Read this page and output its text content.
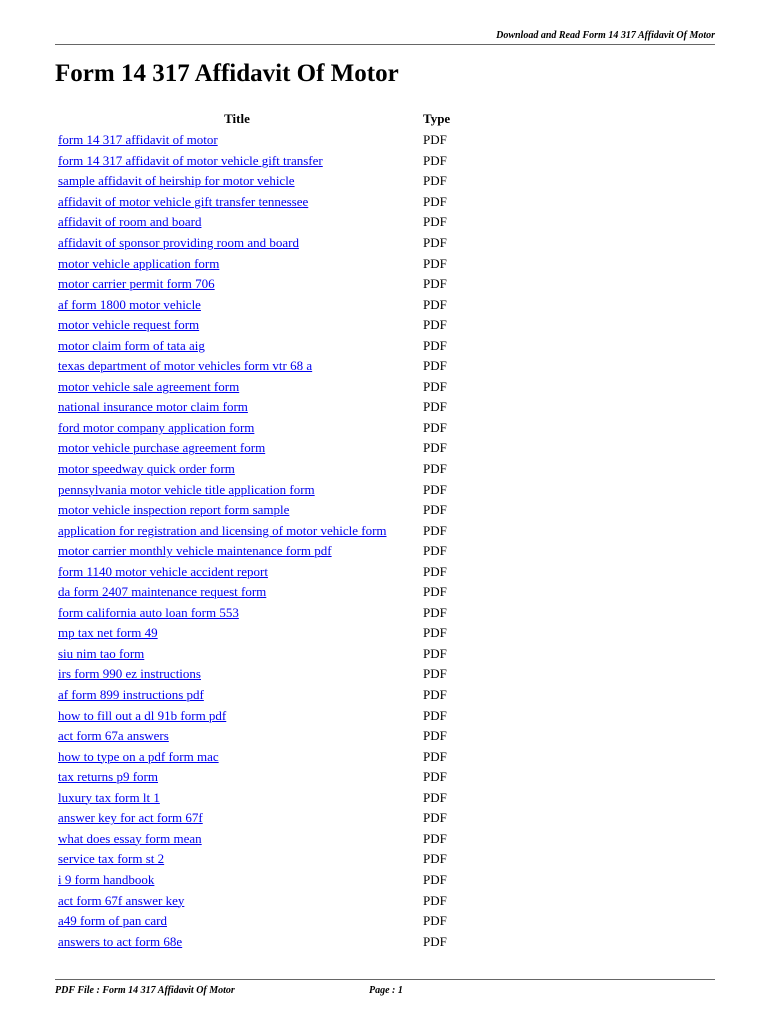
Download and Read Form 14 317 Affidavit Of Motor
Form 14 317 Affidavit Of Motor
Title	Type
form 14 317 affidavit of motor	PDF
form 14 317 affidavit of motor vehicle gift transfer	PDF
sample affidavit of heirship for motor vehicle	PDF
affidavit of motor vehicle gift transfer tennessee	PDF
affidavit of room and board	PDF
affidavit of sponsor providing room and board	PDF
motor vehicle application form	PDF
motor carrier permit form 706	PDF
af form 1800 motor vehicle	PDF
motor vehicle request form	PDF
motor claim form of tata aig	PDF
texas department of motor vehicles form vtr 68 a	PDF
motor vehicle sale agreement form	PDF
national insurance motor claim form	PDF
ford motor company application form	PDF
motor vehicle purchase agreement form	PDF
motor speedway quick order form	PDF
pennsylvania motor vehicle title application form	PDF
motor vehicle inspection report form sample	PDF
application for registration and licensing of motor vehicle form	PDF
motor carrier monthly vehicle maintenance form pdf	PDF
form 1140 motor vehicle accident report	PDF
da form 2407 maintenance request form	PDF
form california auto loan form 553	PDF
mp tax net form 49	PDF
siu nim tao form	PDF
irs form 990 ez instructions	PDF
af form 899 instructions pdf	PDF
how to fill out a dl 91b form pdf	PDF
act form 67a answers	PDF
how to type on a pdf form mac	PDF
tax returns p9 form	PDF
luxury tax form lt 1	PDF
answer key for act form 67f	PDF
what does essay form mean	PDF
service tax form st 2	PDF
i 9 form handbook	PDF
act form 67f answer key	PDF
a49 form of pan card	PDF
answers to act form 68e	PDF
PDF File : Form 14 317 Affidavit Of Motor	Page : 1
